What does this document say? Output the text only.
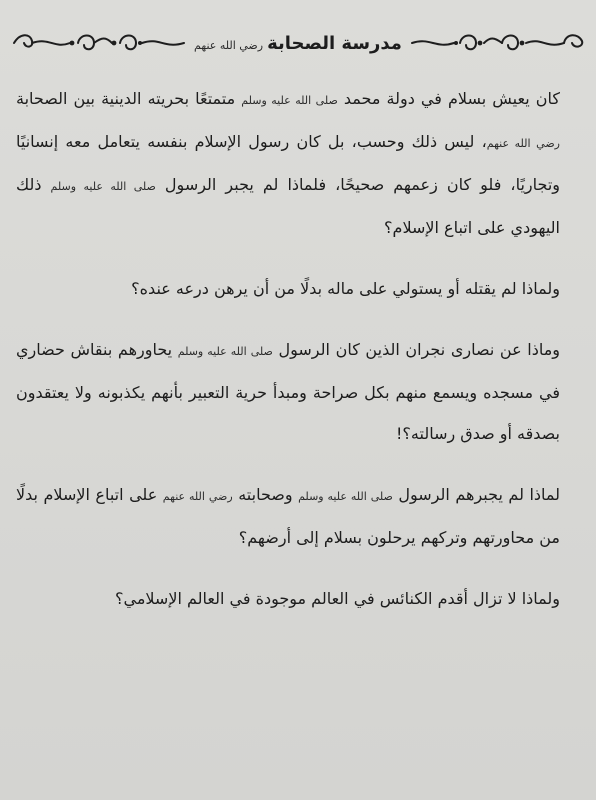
مدرسة الصحابةرضي الله عنهم

كان يعيش بسلام في دولة محمد صلى الله عليه وسلم متمتعًا بحريته الدينية بين الصحابة رضي الله عنهم، ليس ذلك وحسب، بل كان رسول الإسلام بنفسه يتعامل معه إنسانيًا وتجاريًا، فلو كان زعمهم صحيحًا، فلماذا لم يجبر الرسول صلى الله عليه وسلم ذلك اليهودي على اتباع الإسلام؟

ولماذا لم يقتله أو يستولي على ماله بدلًا من أن يرهن درعه عنده؟

وماذا عن نصارى نجران الذين كان الرسول صلى الله عليه وسلم يحاورهم بنقاش حضاري في مسجده ويسمع منهم بكل صراحة ومبدأ حرية التعبير بأنهم يكذبونه ولا يعتقدون بصدقه أو صدق رسالته؟!

لماذا لم يجبرهم الرسول صلى الله عليه وسلم وصحابته رضي الله عنهم على اتباع الإسلام بدلًا من محاورتهم وتركهم يرحلون بسلام إلى أرضهم؟

ولماذا لا تزال أقدم الكنائس في العالم موجودة في العالم الإسلامي؟
